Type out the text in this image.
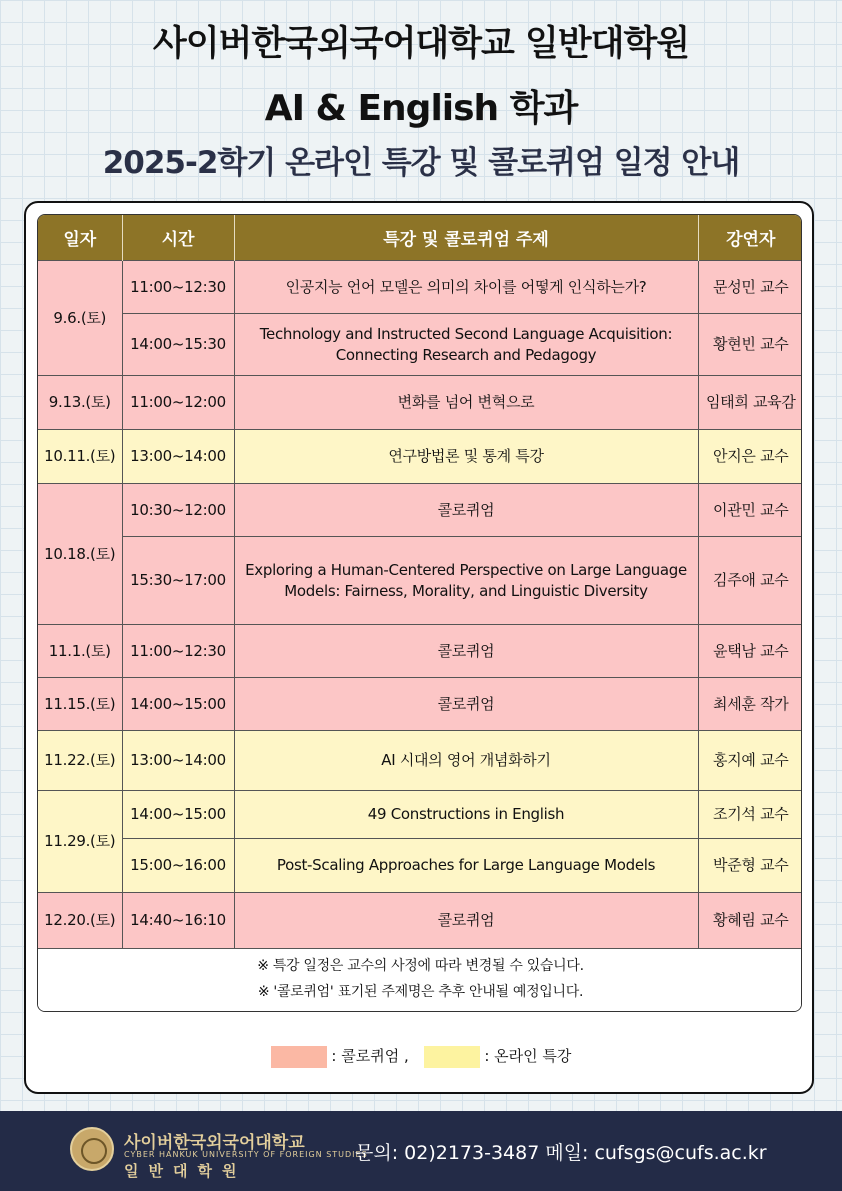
사이버한국외국어대학교 일반대학원
AI & English 학과
2025-2학기 온라인 특강 및 콜로퀴엄 일정 안내
일자	시간	특강 및 콜로퀴엄 주제	강연자
9.6.(토)	11:00~12:30	인공지능 언어 모델은 의미의 차이를 어떻게 인식하는가?	문성민 교수
	14:00~15:30	Technology and Instructed Second Language Acquisition: Connecting Research and Pedagogy	황현빈 교수
9.13.(토)	11:00~12:00	변화를 넘어 변혁으로	임태희 교육감
10.11.(토)	13:00~14:00	연구방법론 및 통계 특강	안지은 교수
10.18.(토)	10:30~12:00	콜로퀴엄	이관민 교수
	15:30~17:00	Exploring a Human-Centered Perspective on Large Language Models: Fairness, Morality, and Linguistic Diversity	김주애 교수
11.1.(토)	11:00~12:30	콜로퀴엄	윤택남 교수
11.15.(토)	14:00~15:00	콜로퀴엄	최세훈 작가
11.22.(토)	13:00~14:00	AI 시대의 영어 개념화하기	홍지예 교수
11.29.(토)	14:00~15:00	49 Constructions in English	조기석 교수
	15:00~16:00	Post-Scaling Approaches for Large Language Models	박준형 교수
12.20.(토)	14:40~16:10	콜로퀴엄	황혜림 교수

※ 특강 일정은 교수의 사정에 따라 변경될 수 있습니다.
※ '콜로퀴엄' 표기된 주제명은 추후 안내될 예정입니다.			
: 콜로퀴엄 ,	: 온라인 특강
사이버한국외국어대학교
CYBER HANKUK UNIVERSITY OF FOREIGN STUDIES
일반대학원
문의: 02)2173-3487 메일: cufsgs@cufs.ac.kr
